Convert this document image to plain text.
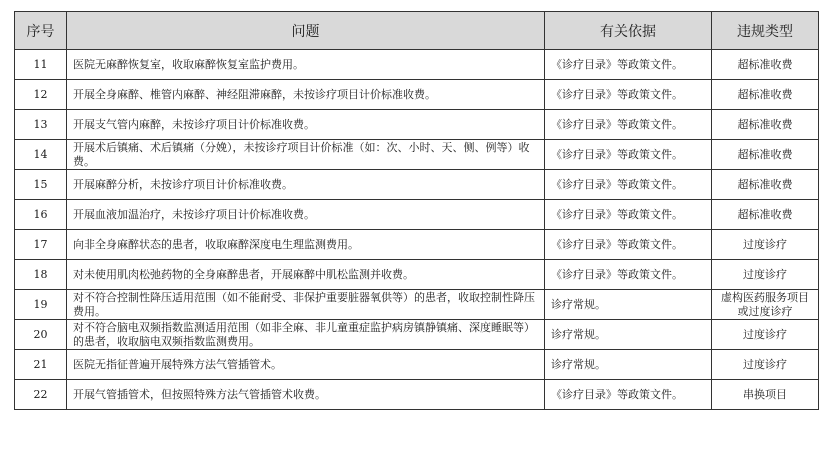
序号	问题	有关依据	违规类型
11	医院无麻醉恢复室，收取麻醉恢复室监护费用。	《诊疗目录》等政策文件。	超标准收费
12	开展全身麻醉、椎管内麻醉、神经阻滞麻醉，未按诊疗项目计价标准收费。	《诊疗目录》等政策文件。	超标准收费
13	开展支气管内麻醉，未按诊疗项目计价标准收费。	《诊疗目录》等政策文件。	超标准收费
14	开展术后镇痛、术后镇痛（分娩），未按诊疗项目计价标准（如：次、小时、天、侧、例等）收费。	《诊疗目录》等政策文件。	超标准收费
15	开展麻醉分析，未按诊疗项目计价标准收费。	《诊疗目录》等政策文件。	超标准收费
16	开展血液加温治疗，未按诊疗项目计价标准收费。	《诊疗目录》等政策文件。	超标准收费
17	向非全身麻醉状态的患者，收取麻醉深度电生理监测费用。	《诊疗目录》等政策文件。	过度诊疗
18	对未使用肌肉松弛药物的全身麻醉患者，开展麻醉中肌松监测并收费。	《诊疗目录》等政策文件。	过度诊疗
19	对不符合控制性降压适用范围（如不能耐受、非保护重要脏器氧供等）的患者，收取控制性降压费用。	诊疗常规。	虚构医药服务项目或过度诊疗
20	对不符合脑电双频指数监测适用范围（如非全麻、非儿童重症监护病房镇静镇痛、深度睡眠等）的患者，收取脑电双频指数监测费用。	诊疗常规。	过度诊疗
21	医院无指征普遍开展特殊方法气管插管术。	诊疗常规。	过度诊疗
22	开展气管插管术，但按照特殊方法气管插管术收费。	《诊疗目录》等政策文件。	串换项目
